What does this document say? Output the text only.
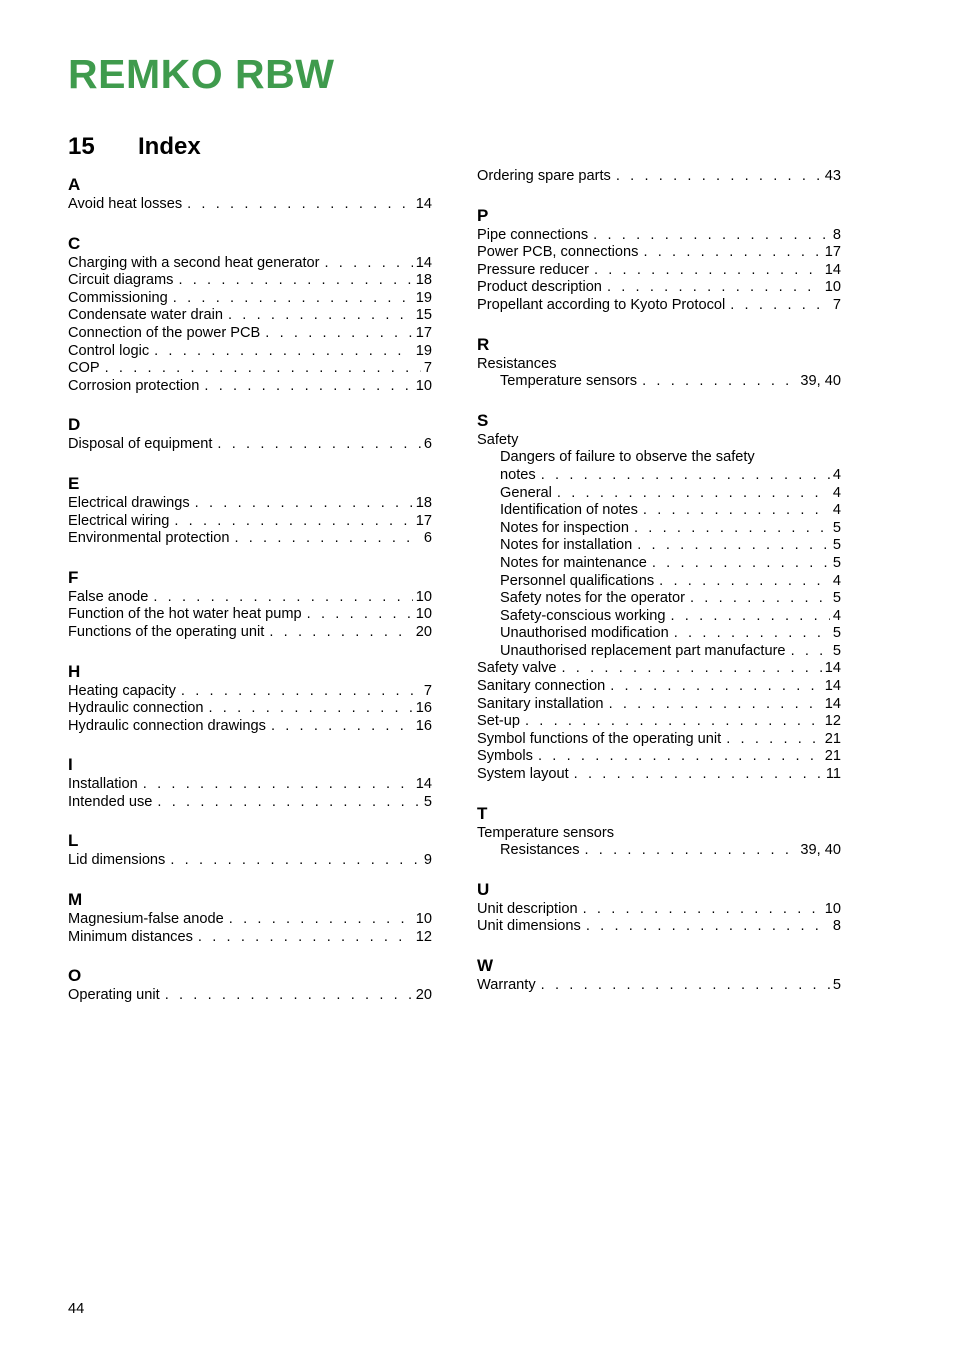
REMKO RBW
15 Index
A
Avoid heat losses . . .	14
C
Charging with a second heat generator . . .	14
Circuit diagrams . . .	18
Commissioning . . .	19
Condensate water drain . . .	15
Connection of the power PCB . . .	17
Control logic . . .	19
COP . . .	7
Corrosion protection . . .	10
D
Disposal of equipment . . .	6
E
Electrical drawings . . .	18
Electrical wiring . . .	17
Environmental protection . . .	6
F
False anode . . .	10
Function of the hot water heat pump . . .	10
Functions of the operating unit . . .	20
H
Heating capacity . . .	7
Hydraulic connection . . .	16
Hydraulic connection drawings . . .	16
I
Installation . . .	14
Intended use . . .	5
L
Lid dimensions . . .	9
M
Magnesium-false anode . . .	10
Minimum distances . . .	12
O
Operating unit . . .	20
Ordering spare parts . . .	43
P
Pipe connections . . .	8
Power PCB, connections . . .	17
Pressure reducer . . .	14
Product description . . .	10
Propellant according to Kyoto Protocol . . .	7
R
Resistances
Temperature sensors . . .	39, 40
S
Safety
Dangers of failure to observe the safety
notes . . .	4
General . . .	4
Identification of notes . . .	4
Notes for inspection . . .	5
Notes for installation . . .	5
Notes for maintenance . . .	5
Personnel qualifications . . .	4
Safety notes for the operator . . .	5
Safety-conscious working . . .	4
Unauthorised modification . . .	5
Unauthorised replacement part manufacture . . .	5
Safety valve . . .	14
Sanitary connection . . .	14
Sanitary installation . . .	14
Set-up . . .	12
Symbol functions of the operating unit . . .	21
Symbols . . .	21
System layout . . .	11
T
Temperature sensors
Resistances . . .	39, 40
U
Unit description . . .	10
Unit dimensions . . .	8
W
Warranty . . .	5
44
